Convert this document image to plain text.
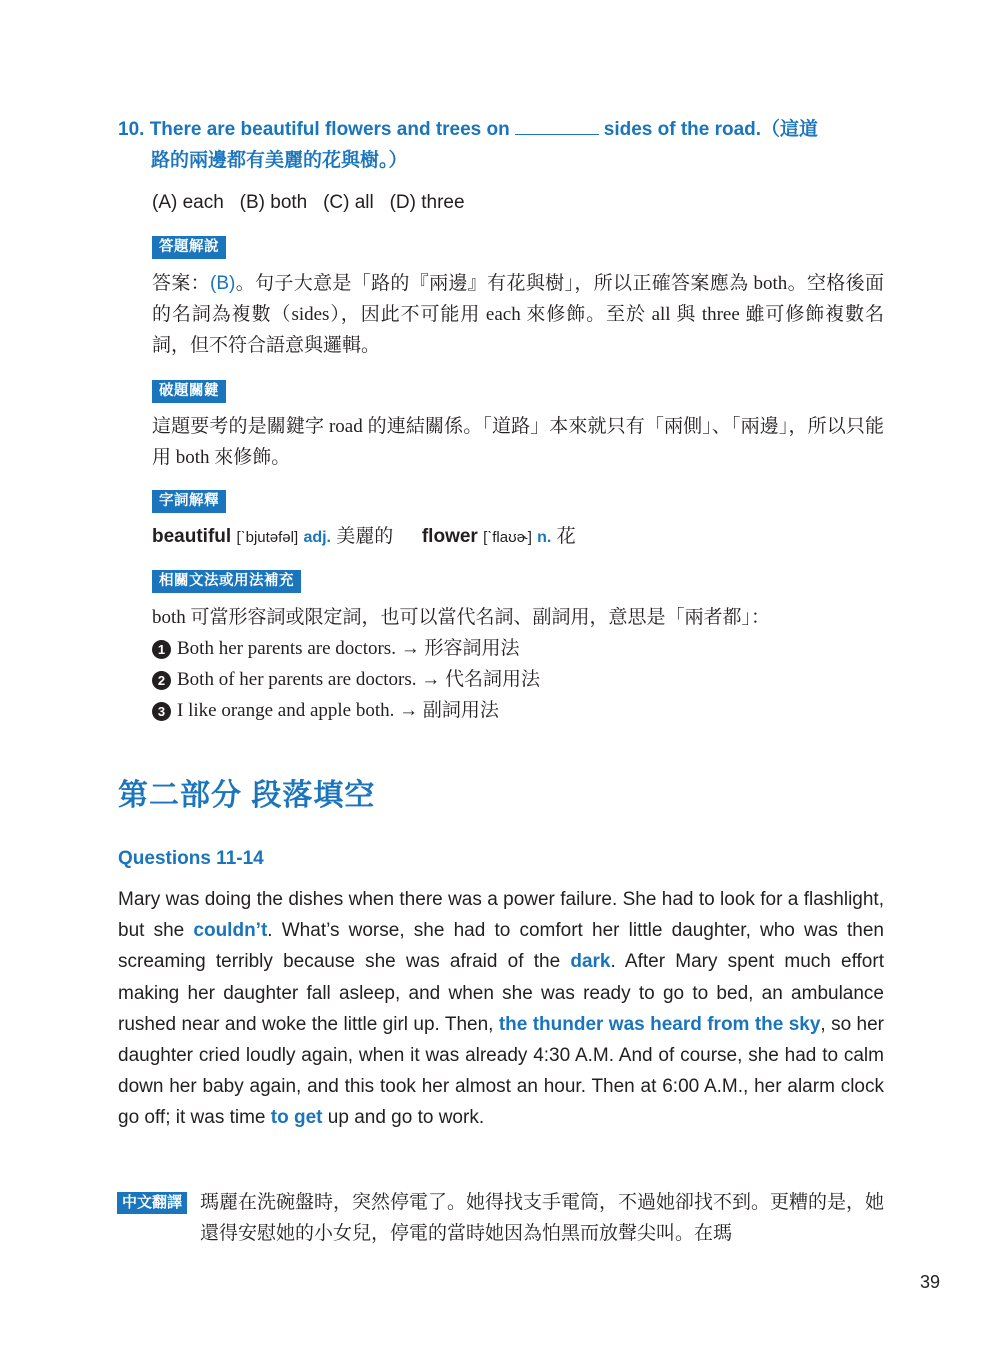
10. There are beautiful flowers and trees on	sides of the road.（這道
路的兩邊都有美麗的花與樹。）
(A) each   (B) both   (C) all   (D) three
答題解說
答案：(B)。句子大意是「路的『兩邊』有花與樹」，所以正確答案應為 both。空格後面的名詞為複數（sides），因此不可能用 each 來修飾。至於 all 與 three 雖可修飾複數名詞，但不符合語意與邏輯。
破題關鍵
這題要考的是關鍵字 road 的連結關係。「道路」本來就只有「兩側」、「兩邊」，所以只能用 both 來修飾。
字詞解釋
beautiful [ˋbjutəfəl] adj. 美麗的 flower [ˋflaʊɚ] n. 花
相關文法或用法補充
both 可當形容詞或限定詞，也可以當代名詞、副詞用，意思是「兩者都」：
1 Both her parents are doctors. → 形容詞用法
2 Both of her parents are doctors. → 代名詞用法
3 I like orange and apple both. → 副詞用法
第二部分 段落填空
Questions 11-14
Mary was doing the dishes when there was a power failure. She had to look for a flashlight, but she couldn’t. What’s worse, she had to comfort her little daughter, who was then screaming terribly because she was afraid of the dark. After Mary spent much effort making her daughter fall asleep, and when she was ready to go to bed, an ambulance rushed near and woke the little girl up. Then, the thunder was heard from the sky, so her daughter cried loudly again, when it was already 4:30 A.M. And of course, she had to calm down her baby again, and this took her almost an hour. Then at 6:00 A.M., her alarm clock go off; it was time to get up and go to work.
中文翻譯 瑪麗在洗碗盤時，突然停電了。她得找支手電筒，不過她卻找不到。更糟的是，她還得安慰她的小女兒，停電的當時她因為怕黑而放聲尖叫。在瑪
39
